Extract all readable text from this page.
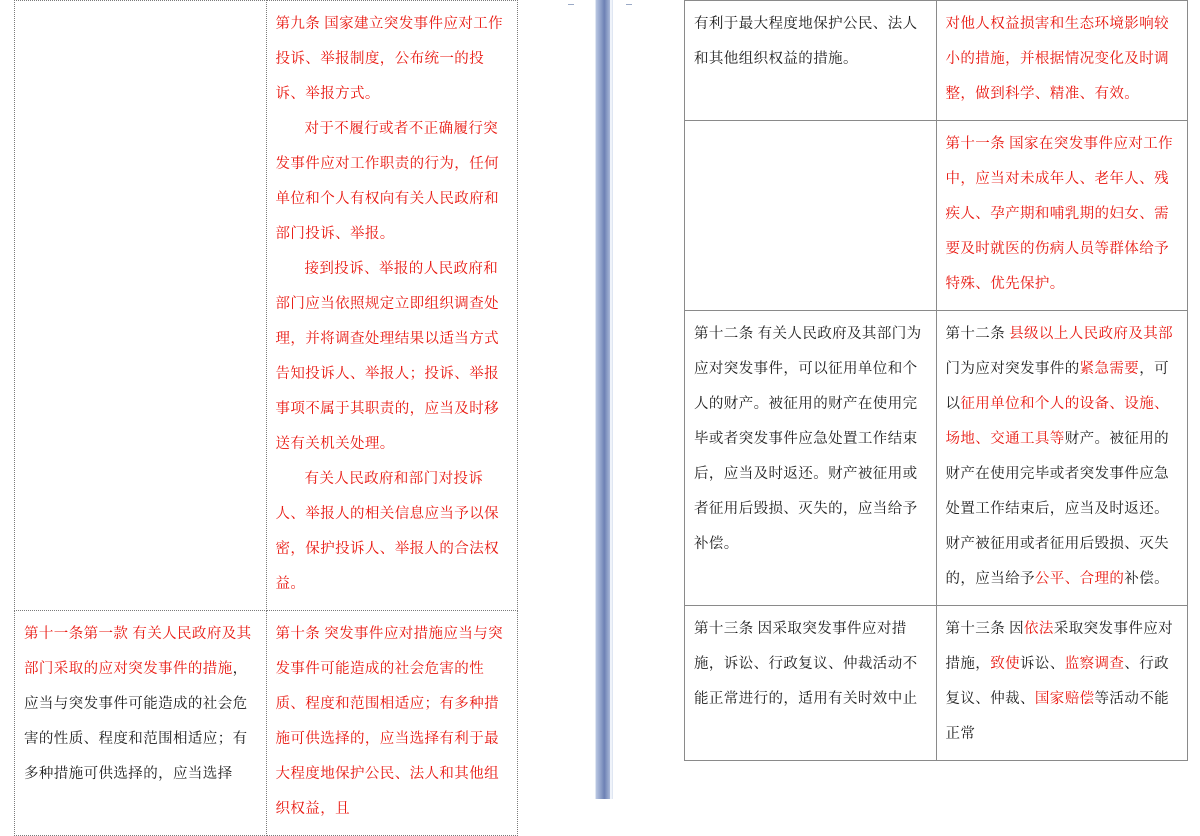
	第九条 国家建立突发事件应对工作投诉、举报制度，公布统一的投诉、举报方式。

对于不履行或者不正确履行突发事件应对工作职责的行为，任何单位和个人有权向有关人民政府和部门投诉、举报。

接到投诉、举报的人民政府和部门应当依照规定立即组织调查处理，并将调查处理结果以适当方式告知投诉人、举报人；投诉、举报事项不属于其职责的，应当及时移送有关机关处理。

有关人民政府和部门对投诉人、举报人的相关信息应当予以保密，保护投诉人、举报人的合法权益。

第十一条第一款 有关人民政府及其部门采取的应对突发事件的措施，应当与突发事件可能造成的社会危害的性质、程度和范围相适应；有多种措施可供选择的，应当选择	第十条 突发事件应对措施应当与突发事件可能造成的社会危害的性质、程度和范围相适应；有多种措施可供选择的，应当选择有利于最大程度地保护公民、法人和其他组织权益，且

有利于最大程度地保护公民、法人和其他组织权益的措施。	对他人权益损害和生态环境影响较小的措施，并根据情况变化及时调整，做到科学、精准、有效。

	第十一条 国家在突发事件应对工作中，应当对未成年人、老年人、残疾人、孕产期和哺乳期的妇女、需要及时就医的伤病人员等群体给予特殊、优先保护。

第十二条 有关人民政府及其部门为应对突发事件，可以征用单位和个人的财产。被征用的财产在使用完毕或者突发事件应急处置工作结束后，应当及时返还。财产被征用或者征用后毁损、灭失的，应当给予补偿。	第十二条 县级以上人民政府及其部门为应对突发事件的紧急需要，可以征用单位和个人的设备、设施、场地、交通工具等财产。被征用的财产在使用完毕或者突发事件应急处置工作结束后，应当及时返还。财产被征用或者征用后毁损、灭失的，应当给予公平、合理的补偿。

第十三条 因采取突发事件应对措施，诉讼、行政复议、仲裁活动不能正常进行的，适用有关时效中止	第十三条 因依法采取突发事件应对措施，致使诉讼、监察调查、行政复议、仲裁、国家赔偿等活动不能正常
